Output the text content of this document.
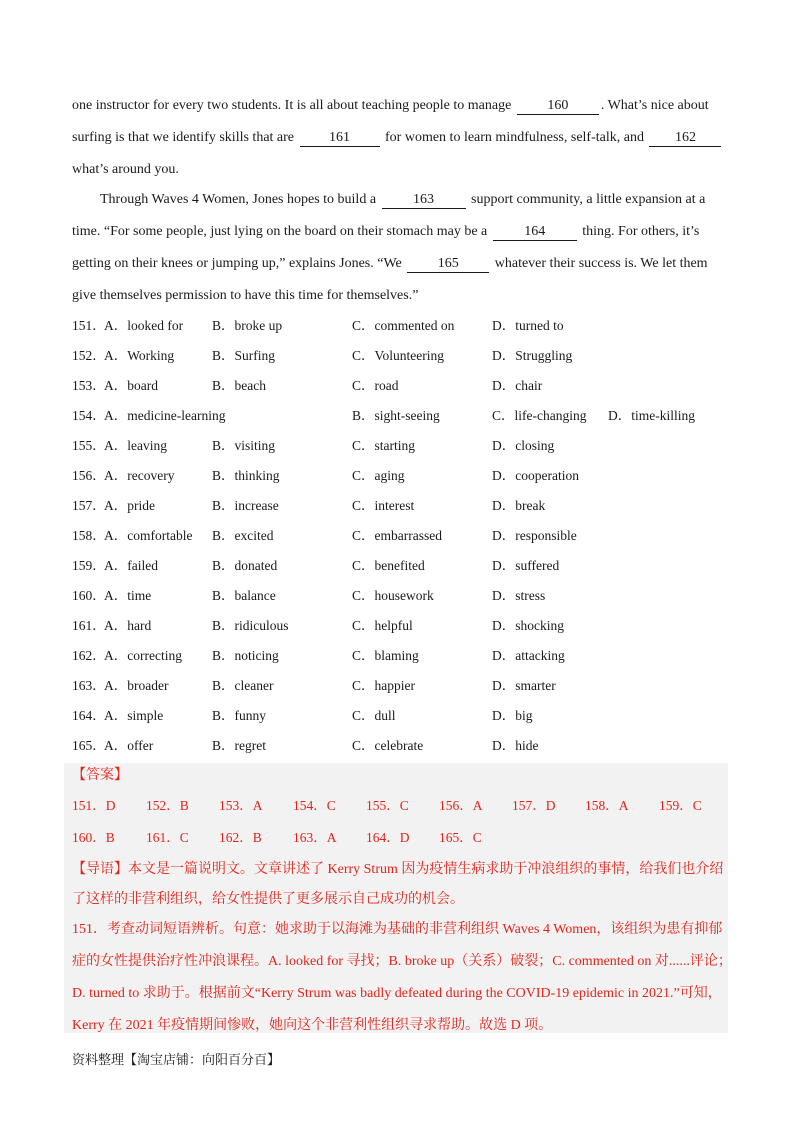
one instructor for every two students. It is all about teaching people to manage	160 . What’s nice about
surfing is that we identify skills that are	161	for women to learn mindfulness, self-talk, and 162
what’s around you.
Through Waves 4 Women, Jones hopes to build a	163	support community, a little expansion at a
time. “For some people, just lying on the board on their stomach may be a	164	thing. For others, it’s
getting on their knees or jumping up,” explains Jones. “We	165	whatever their success is. We let them
give themselves permission to have this time for themselves.”
151．
A．looked for B．broke up	C．commented on	D．turned to
152．
A．Working	B．Surfing	C．Volunteering	D．Struggling
153．
A．board	B．beach	C．road	D．chair
154．
A．medicine-learning	B．sight-seeing	C．life-changing D．time-killing
155．
A．leaving	B．visiting	C．starting	D．closing
156．
A．recovery	B．thinking	C．aging	D．cooperation
157．
A．pride	B．increase	C．interest	D．break
158．
A．comfortable B．excited	C．embarrassed	D．responsible
159．
A．failed	B．donated	C．benefited	D．suffered
160．
A．time	B．balance	C．housework	D．stress
161．
A．hard	B．ridiculous	C．helpful	D．shocking
162．
A．correcting B．noticing	C．blaming	D．attacking
163．
A．broader	B．cleaner	C．happier	D．smarter
164．
A．simple	B．funny	C．dull	D．big
165．
A．offer	B．regret	C．celebrate	D．hide
【答案】
151．D 152．B 153．A 154．C 155．C 156．A 157．D 158．A 159．C
160．B 161．C 162．B 163．A 164．D 165．C
【导语】本文是一篇说明文。文章讲述了 Kerry Strum 因为疫情生病求助于冲浪组织的事情，给我们也介绍
了这样的非营利组织，给女性提供了更多展示自己成功的机会。
151．考查动词短语辨析。句意：她求助于以海滩为基础的非营利组织 Waves 4 Women，该组织为患有抑郁
症的女性提供治疗性冲浪课程。A. looked for 寻找；B. broke up（关系）破裂；C. commented on 对......评论；
D. turned to 求助于。根据前文“Kerry Strum was badly defeated during the COVID-19 epidemic in 2021.”可知，
Kerry 在 2021 年疫情期间惨败，她向这个非营利性组织寻求帮助。故选 D 项。
资料整理【淘宝店铺：向阳百分百】
